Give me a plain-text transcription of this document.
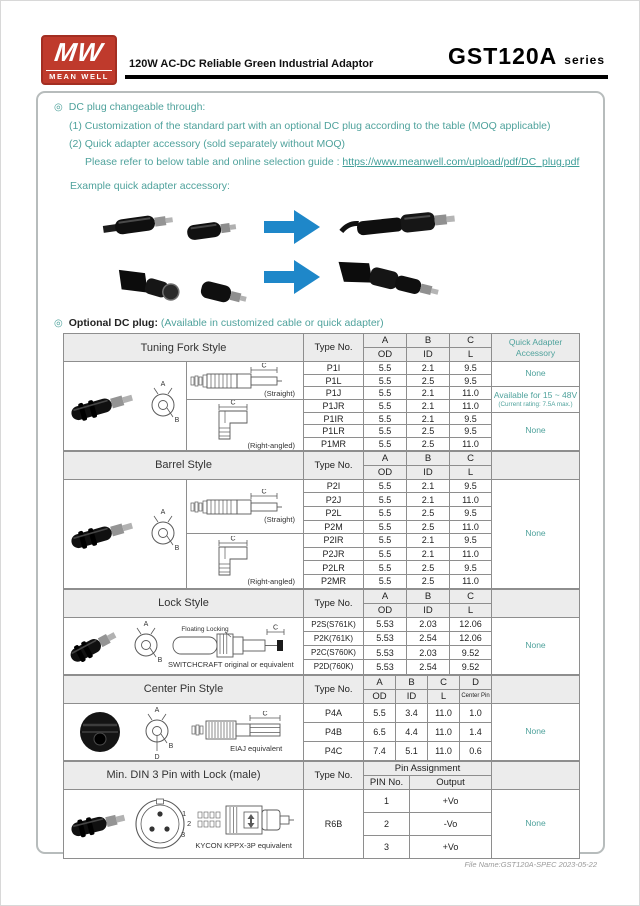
MW
MEAN WELL
120W AC-DC Reliable Green Industrial Adaptor	GST120A series
◎ DC plug changeable through:
(1) Customization of the standard part with an optional DC plug according to the table (MOQ applicable)
(2) Quick adapter accessory (sold separately without MOQ)
Please refer to below table and online selection guide : https://www.meanwell.com/upload/pdf/DC_plug.pdf
Example quick adapter accessory:
◎ Optional DC plug: (Available in customized cable or quick adapter)
Tuning Fork Style		Type No.	A	B	C	Quick Adapter
Accessory

			OD	ID	L	

A
B	C
(Straight)	P1I	5.5	2.1	9.5	None

		P1L	5.5	2.5	9.5	
		P1J	5.5	2.1	11.0	Available for 15 ~ 48V
(Current rating: 7.5A max.)

C
(Right-angled)	P1JR	5.5	2.1	11.0	
		P1IR	5.5	2.1	9.5	None

		P1LR	5.5	2.5	9.5	
		P1MR	5.5	2.5	11.0	
Barrel Style		Type No.	A	B	C	
			OD	ID	L	

A
B	C
(Straight)	P2I	5.5	2.1	9.5	None

		P2J	5.5	2.1	11.0	
		P2L	5.5	2.5	9.5	
		P2M	5.5	2.5	11.0	

C
(Right-angled)	P2IR	5.5	2.1	9.5	
		P2JR	5.5	2.1	11.0	
		P2LR	5.5	2.5	9.5	
		P2MR	5.5	2.5	11.0	
Lock Style	Type No.	A	B	C	
		OD	ID	L	

A
B
Floating Locking C
SWITCHCRAFT original or equivalent	P2S(S761K)	5.53	2.03	12.06	None

	P2K(761K)	5.53	2.54	12.06	
	P2C(S760K)	5.53	2.03	9.52	
	P2D(760K)	5.53	2.54	9.52	
Center Pin Style	Type No.	A	B	C	D	
		OD	ID	L	Center Pin	

A
B
D
C
EIAJ equivalent	P4A	5.5	3.4	11.0	1.0	None

	P4B	6.5	4.4	11.0	1.4	
	P4C	7.4	5.1	11.0	0.6	
Min. DIN 3 Pin with Lock (male)	Type No.	Pin Assignment		
		PIN No.	Output	

1
2
3
KYCON KPPX-3P equivalent	R6B	1	+Vo	None

		2	-Vo	
		3	+Vo	
File Name:GST120A-SPEC 2023-05-22
